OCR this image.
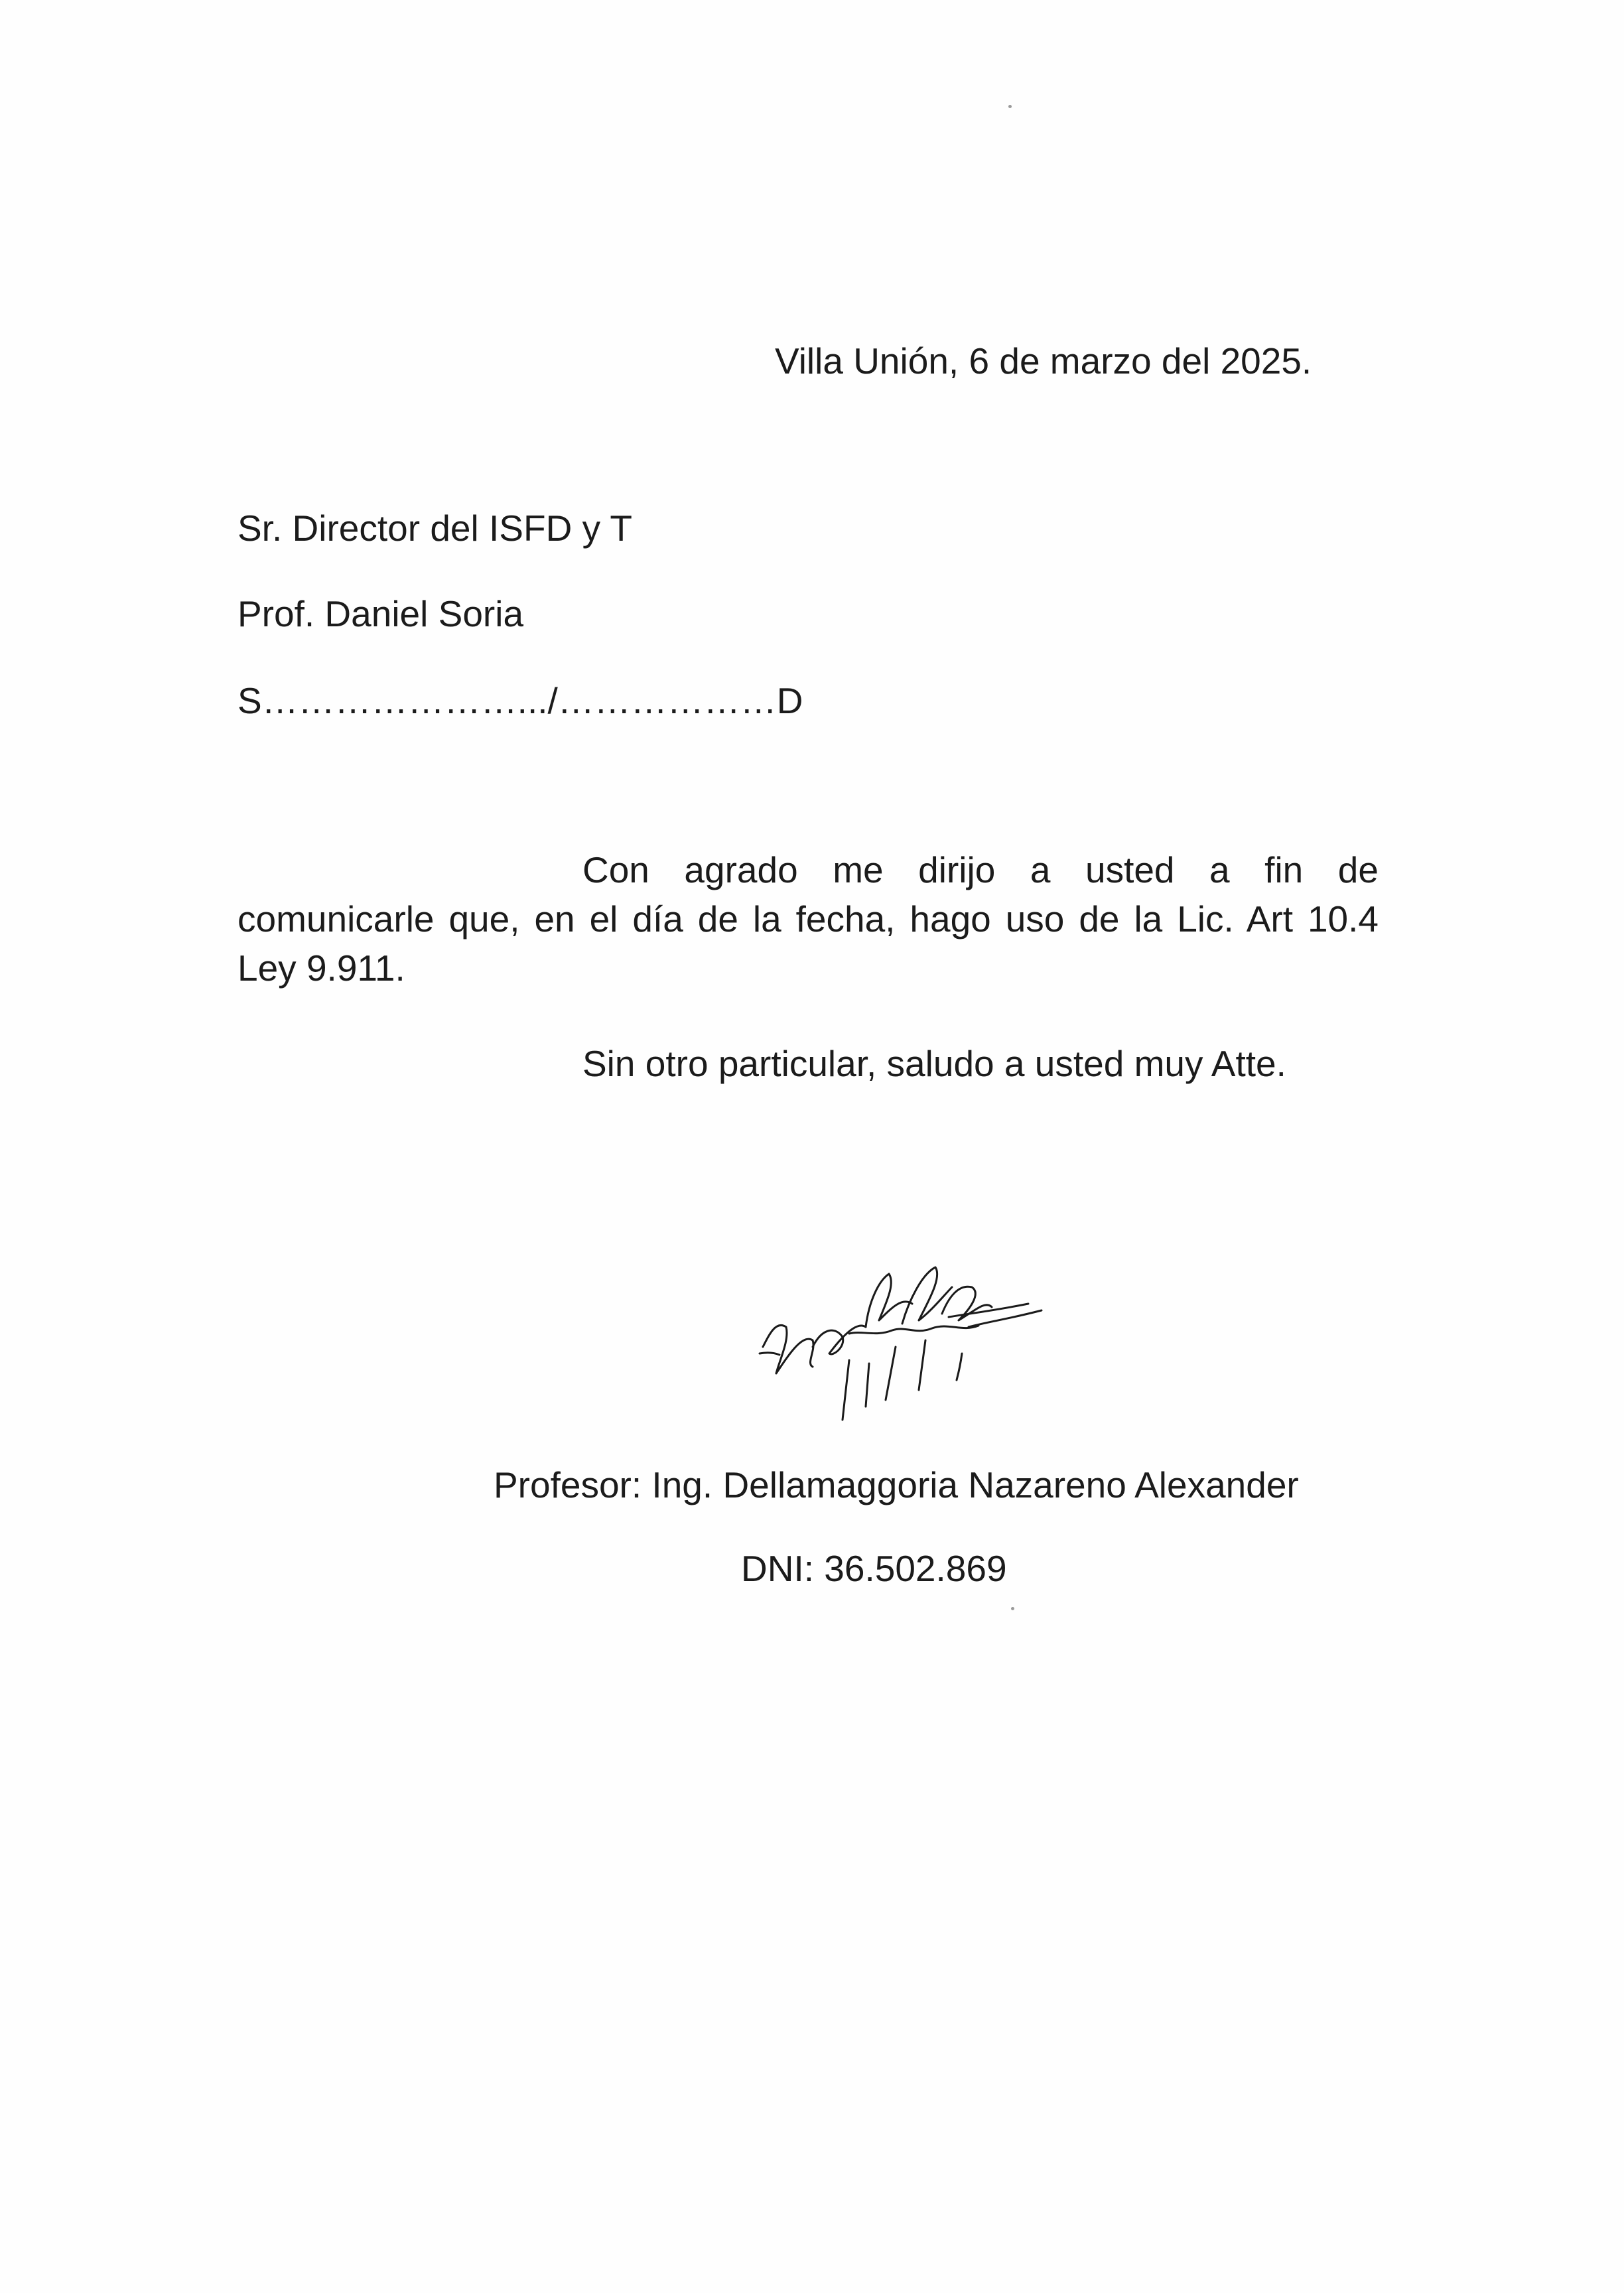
Villa Unión, 6 de marzo del 2025.
Sr. Director del ISFD y T
Prof. Daniel Soria
S………………….../………………D
Con agrado me dirijo a usted a fin de comunicarle que, en el día de la fecha, hago uso de la Lic. Art 10.4 Ley 9.911.
Sin otro particular, saludo a usted muy Atte.
Profesor: Ing. Dellamaggoria Nazareno Alexander
DNI: 36.502.869
